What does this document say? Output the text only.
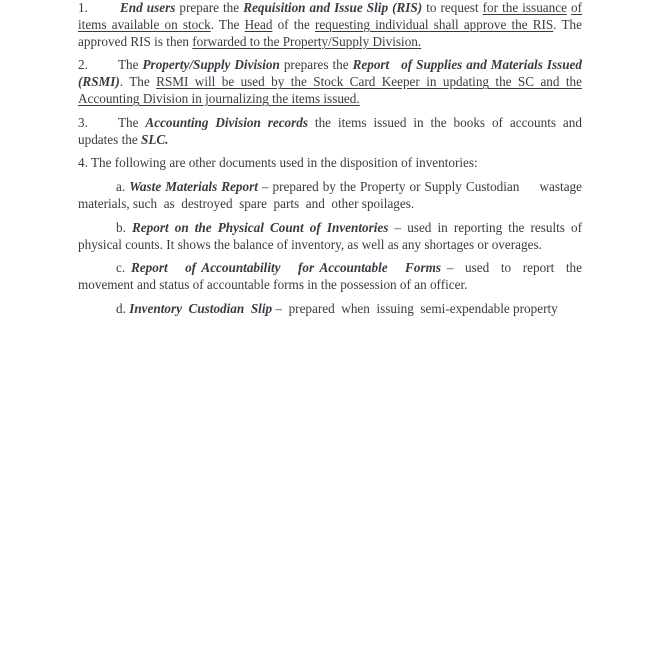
1. End users prepare the Requisition and Issue Slip (RIS) to request for the issuance of items available on stock. The Head of the requesting individual shall approve the RIS. The approved RIS is then forwarded to the Property/Supply Division.

2. The Property/Supply Division prepares the Report   of Supplies and Materials Issued (RSMI). The RSMI will be used by the Stock Card Keeper in updating the SC and the Accounting Division in journalizing the items issued.

3. The Accounting Division records the items issued in the books of accounts and updates the SLC.

4. The following are other documents used in the disposition of inventories:

a. Waste Materials Report – prepared by the Property or Supply Custodian     wastage materials, such  as  destroyed  spare  parts  and  other spoilages.

b. Report on the Physical Count of Inventories – used in reporting the results of physical counts. It shows the balance of inventory, as well as any shortages or overages.

c. Report   of Accountability   for Accountable   Forms –  used  to  report  the movement and status of accountable forms in the possession of an officer.

d. Inventory  Custodian  Slip –  prepared  when  issuing  semi-expendable property
